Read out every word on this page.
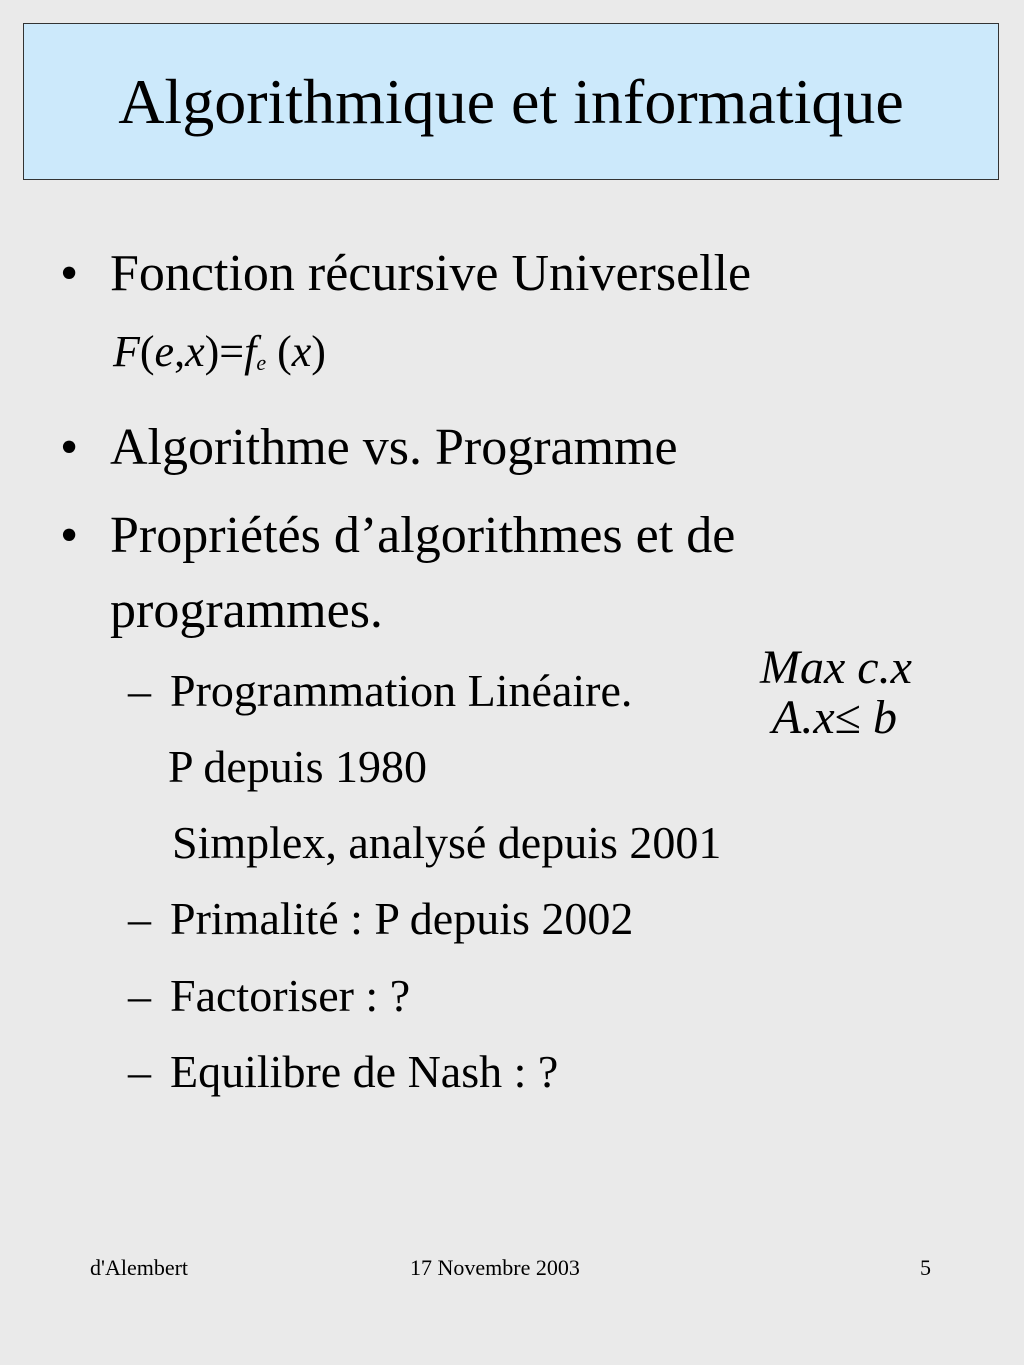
Algorithmique et informatique
• Fonction récursive Universelle
$F(e,x)=f_e$ (x)
• Algorithme vs. Programme
• Propriétés d’algorithmes et de
programmes.
– Programmation Linéaire.
P depuis 1980
Simplex, analysé depuis 2001
Max c.x
A.x≤ b
– Primalité : P depuis 2002
– Factoriser : ?
– Equilibre de Nash : ?
d'Alembert	17 Novembre 2003	5
